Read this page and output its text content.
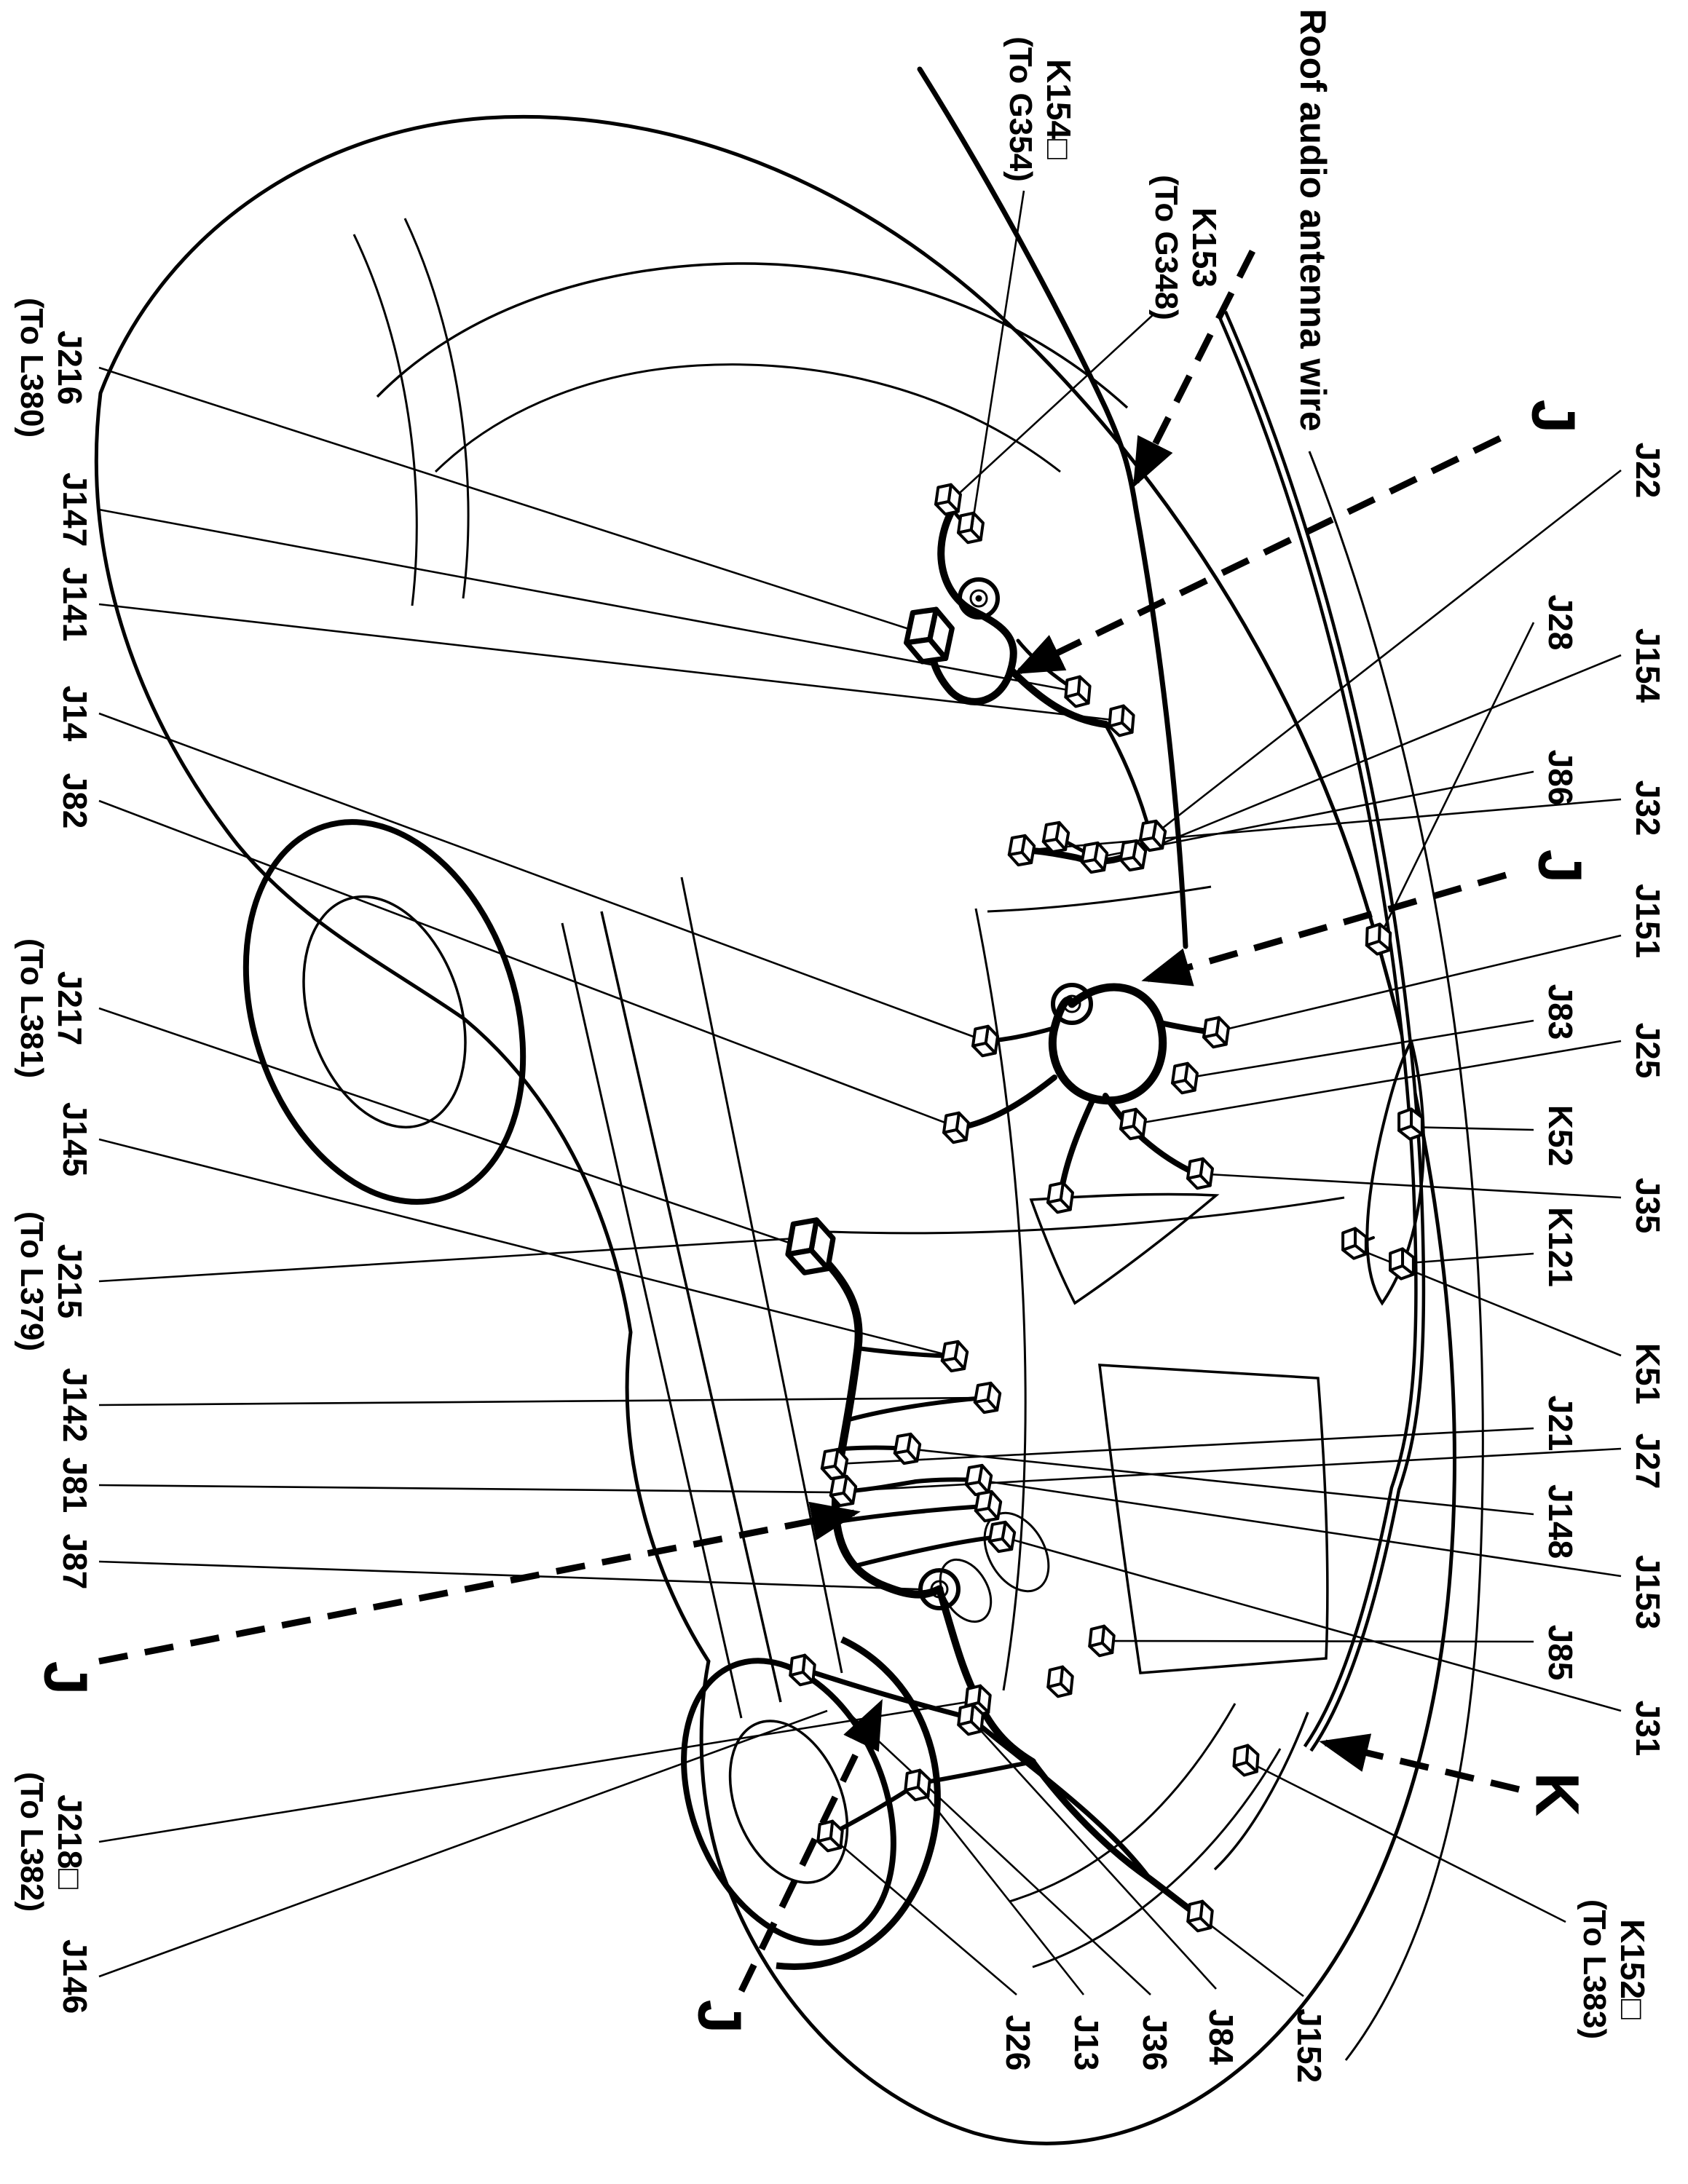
J22
J28
J154
J86
J32
J151
J83
J25
K52
J35
K121
K51
J21
J27
J148
J153
J85
J31
K152□
(To L383)
K154□
(To G354)
K153
(To G348)
J216
(To L380)
J147
J141
J14
J82
J217
(To L381)
J145
J215
(To L379)
J142
J81
J87
J218□
(To L382)
J146
J152
J84
J36
J13
J26
Roof audio antenna wire	J
J
J
J
K
